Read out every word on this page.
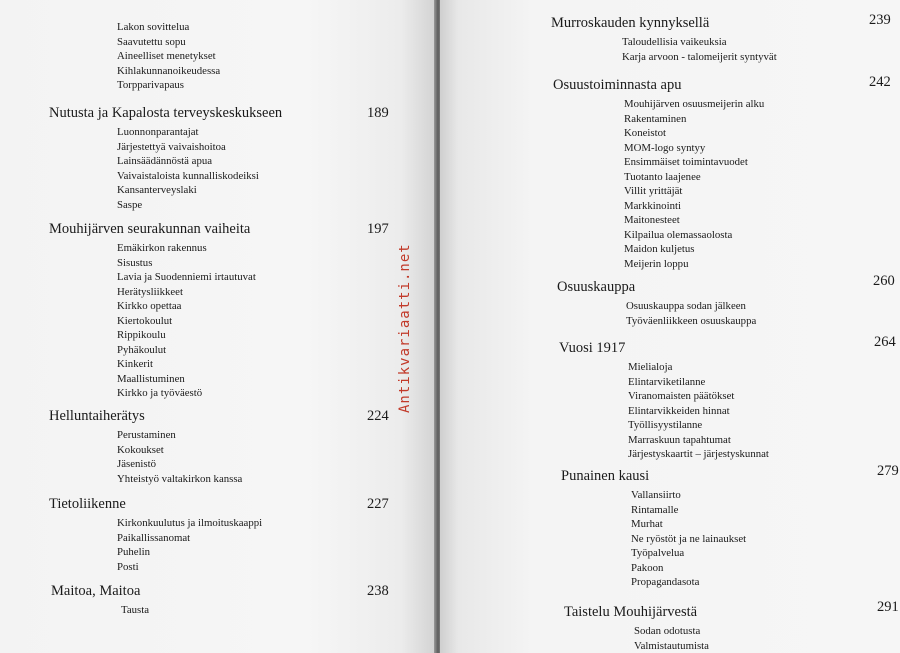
Lakon sovittelua
Saavutettu sopu
Aineelliset menetykset
Kihlakunnanoikeudessa
Torpparivapaus
Nutusta ja Kapalosta terveyskeskukseen	189
Luonnonparantajat
Järjestettyä vaivaishoitoa
Lainsäädännöstä apua
Vaivaistaloista kunnalliskodeiksi
Kansanterveyslaki
Saspe
Mouhijärven seurakunnan vaiheita	197
Emäkirkon rakennus
Sisustus
Lavia ja Suodenniemi irtautuvat
Herätysliikkeet
Kirkko opettaa
Kiertokoulut
Rippikoulu
Pyhäkoulut
Kinkerit
Maallistuminen
Kirkko ja työväestö
Helluntaiherätys	224
Perustaminen
Kokoukset
Jäsenistö
Yhteistyö valtakirkon kanssa
Tietoliikenne	227
Kirkonkuulutus ja ilmoituskaappi
Paikallissanomat
Puhelin
Posti
Maitoa, Maitoa	238
Tausta
Murroskauden kynnyksellä	239
Taloudellisia vaikeuksia
Karja arvoon - talomeijerit syntyvät
Osuustoiminnasta apu	242
Mouhijärven osuusmeijerin alku
Rakentaminen
Koneistot
MOM-logo syntyy
Ensimmäiset toimintavuodet
Tuotanto laajenee
Villit yrittäjät
Markkinointi
Maitonesteet
Kilpailua olemassaolosta
Maidon kuljetus
Meijerin loppu
Osuuskauppa	260
Osuuskauppa sodan jälkeen
Työväenliikkeen osuuskauppa
Vuosi 1917	264
Mielialoja
Elintarviketilanne
Viranomaisten päätökset
Elintarvikkeiden hinnat
Työllisyystilanne
Marraskuun tapahtumat
Järjestyskaartit – järjestyskunnat
Punainen kausi	279
Vallansiirto
Rintamalle
Murhat
Ne ryöstöt ja ne lainaukset
Työpalvelua
Pakoon
Propagandasota
Taistelu Mouhijärvestä	291
Sodan odotusta
Valmistautumista
Antikvariaatti.net
